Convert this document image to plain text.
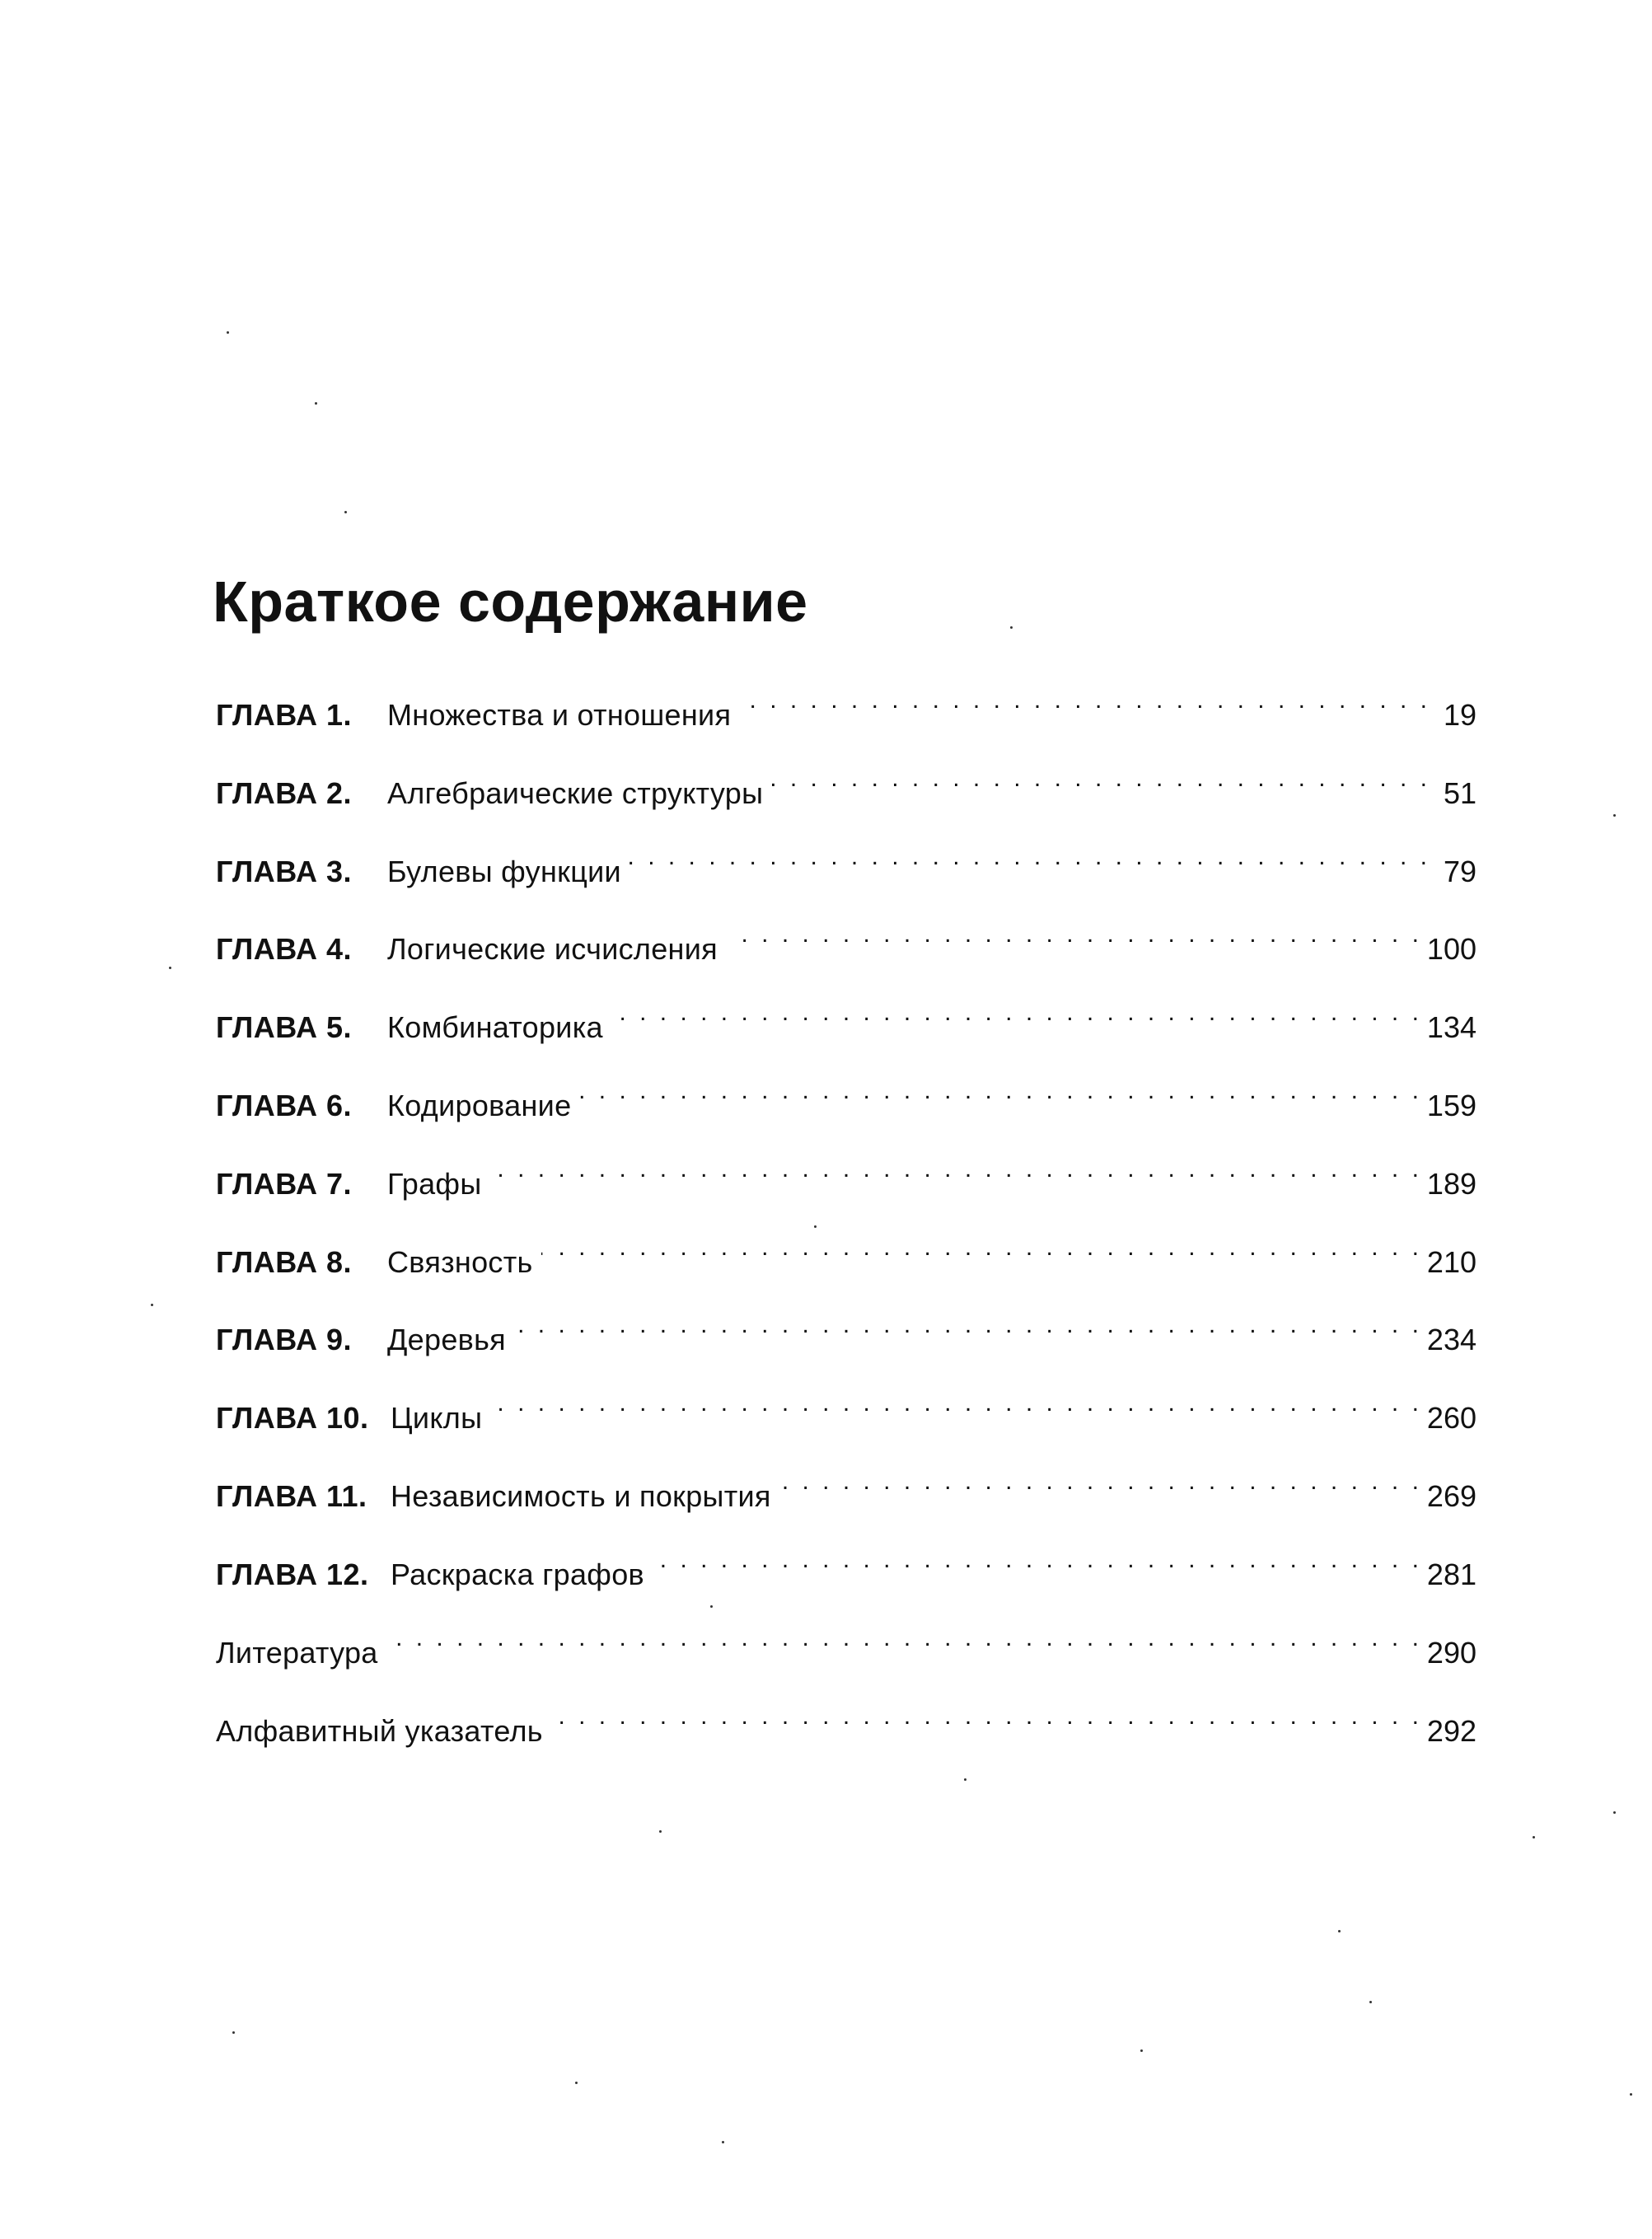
Краткое содержание
ГЛАВА 1.	Множества и отношения . . .	19
ГЛАВА 2.	Алгебраические структуры . . .	51
ГЛАВА 3.	Булевы функции . . .	79
ГЛАВА 4.	Логические исчисления . . .	100
ГЛАВА 5.	Комбинаторика . . .	134
ГЛАВА 6.	Кодирование . . .	159
ГЛАВА 7.	Графы . . .	189
ГЛАВА 8.	Связность . . .	210
ГЛАВА 9.	Деревья . . .	234
ГЛАВА 10. Циклы . . .	260
ГЛАВА 11. Независимость и покрытия . . .	269
ГЛАВА 12. Раскраска графов . . .	281
Литература . . .	290
Алфавитный указатель . . .	292
